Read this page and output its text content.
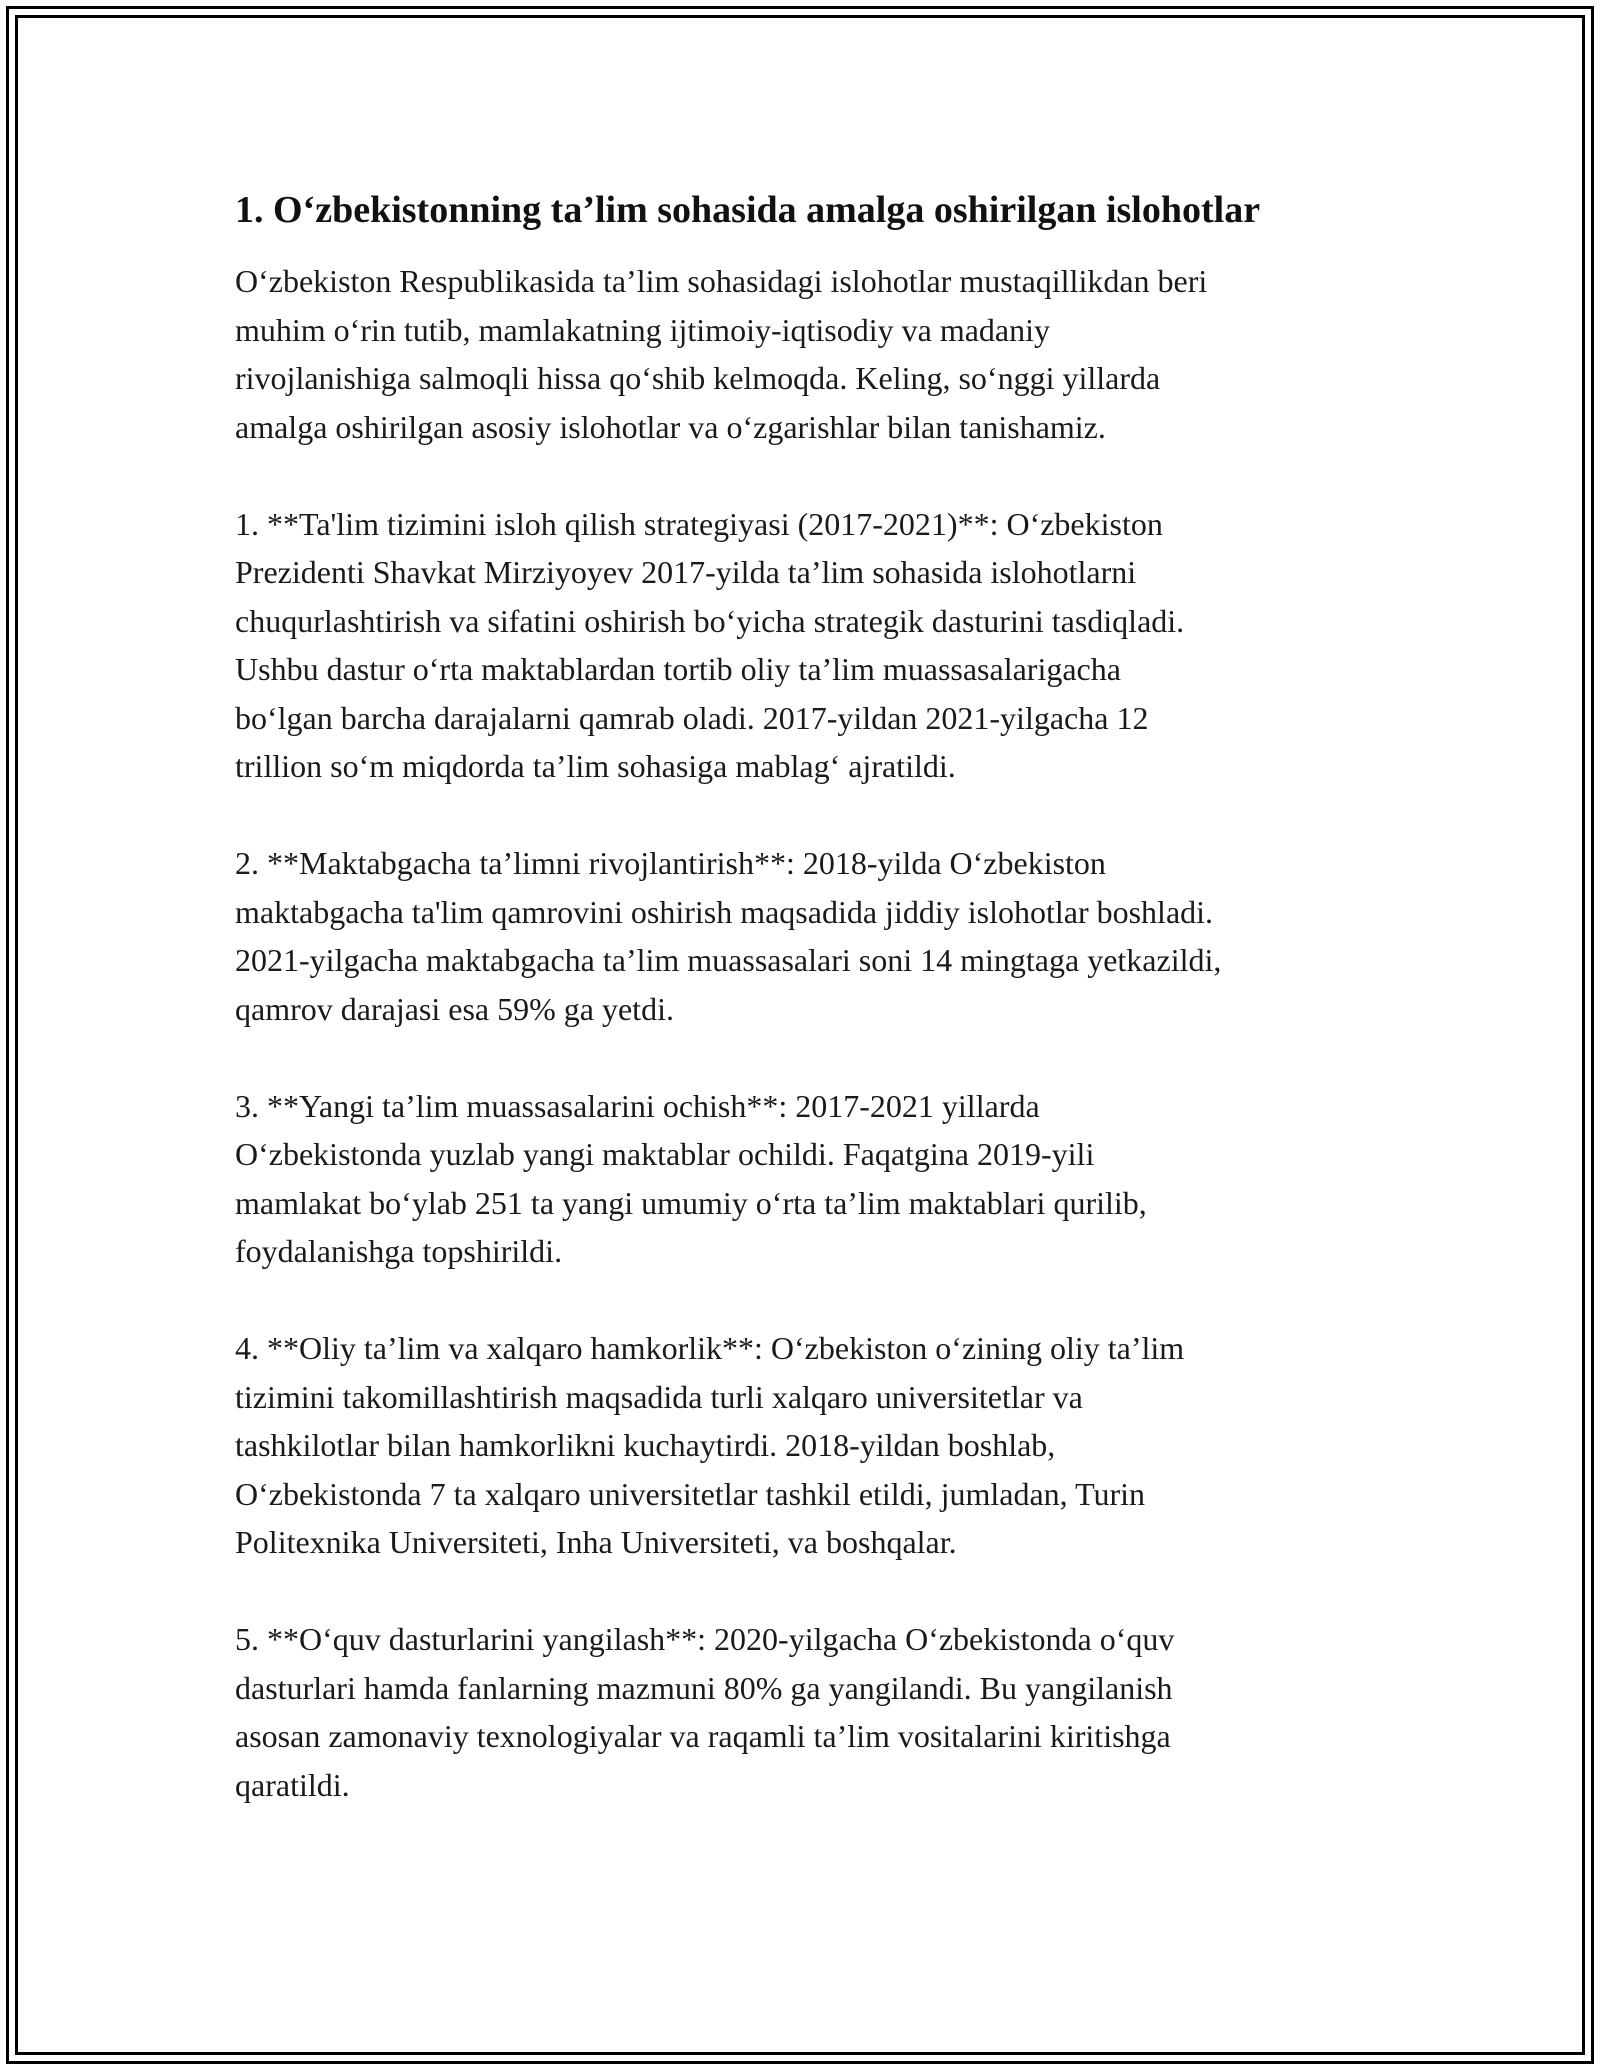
1. O‘zbekistonning ta’lim sohasida amalga oshirilgan islohotlar

O‘zbekiston Respublikasida ta’lim sohasidagi islohotlar mustaqillikdan beri
muhim o‘rin tutib, mamlakatning ijtimoiy-iqtisodiy va madaniy
rivojlanishiga salmoqli hissa qo‘shib kelmoqda. Keling, so‘nggi yillarda
amalga oshirilgan asosiy islohotlar va o‘zgarishlar bilan tanishamiz.

1. **Ta'lim tizimini isloh qilish strategiyasi (2017-2021)**: O‘zbekiston
Prezidenti Shavkat Mirziyoyev 2017-yilda ta’lim sohasida islohotlarni
chuqurlashtirish va sifatini oshirish bo‘yicha strategik dasturini tasdiqladi.
Ushbu dastur o‘rta maktablardan tortib oliy ta’lim muassasalarigacha
bo‘lgan barcha darajalarni qamrab oladi. 2017-yildan 2021-yilgacha 12
trillion so‘m miqdorda ta’lim sohasiga mablag‘ ajratildi.

2. **Maktabgacha ta’limni rivojlantirish**: 2018-yilda O‘zbekiston
maktabgacha ta'lim qamrovini oshirish maqsadida jiddiy islohotlar boshladi.
2021-yilgacha maktabgacha ta’lim muassasalari soni 14 mingtaga yetkazildi,
qamrov darajasi esa 59% ga yetdi.

3. **Yangi ta’lim muassasalarini ochish**: 2017-2021 yillarda
O‘zbekistonda yuzlab yangi maktablar ochildi. Faqatgina 2019-yili
mamlakat bo‘ylab 251 ta yangi umumiy o‘rta ta’lim maktablari qurilib,
foydalanishga topshirildi.

4. **Oliy ta’lim va xalqaro hamkorlik**: O‘zbekiston o‘zining oliy ta’lim
tizimini takomillashtirish maqsadida turli xalqaro universitetlar va
tashkilotlar bilan hamkorlikni kuchaytirdi. 2018-yildan boshlab,
O‘zbekistonda 7 ta xalqaro universitetlar tashkil etildi, jumladan, Turin
Politexnika Universiteti, Inha Universiteti, va boshqalar.

5. **O‘quv dasturlarini yangilash**: 2020-yilgacha O‘zbekistonda o‘quv
dasturlari hamda fanlarning mazmuni 80% ga yangilandi. Bu yangilanish
asosan zamonaviy texnologiyalar va raqamli ta’lim vositalarini kiritishga
qaratildi.
